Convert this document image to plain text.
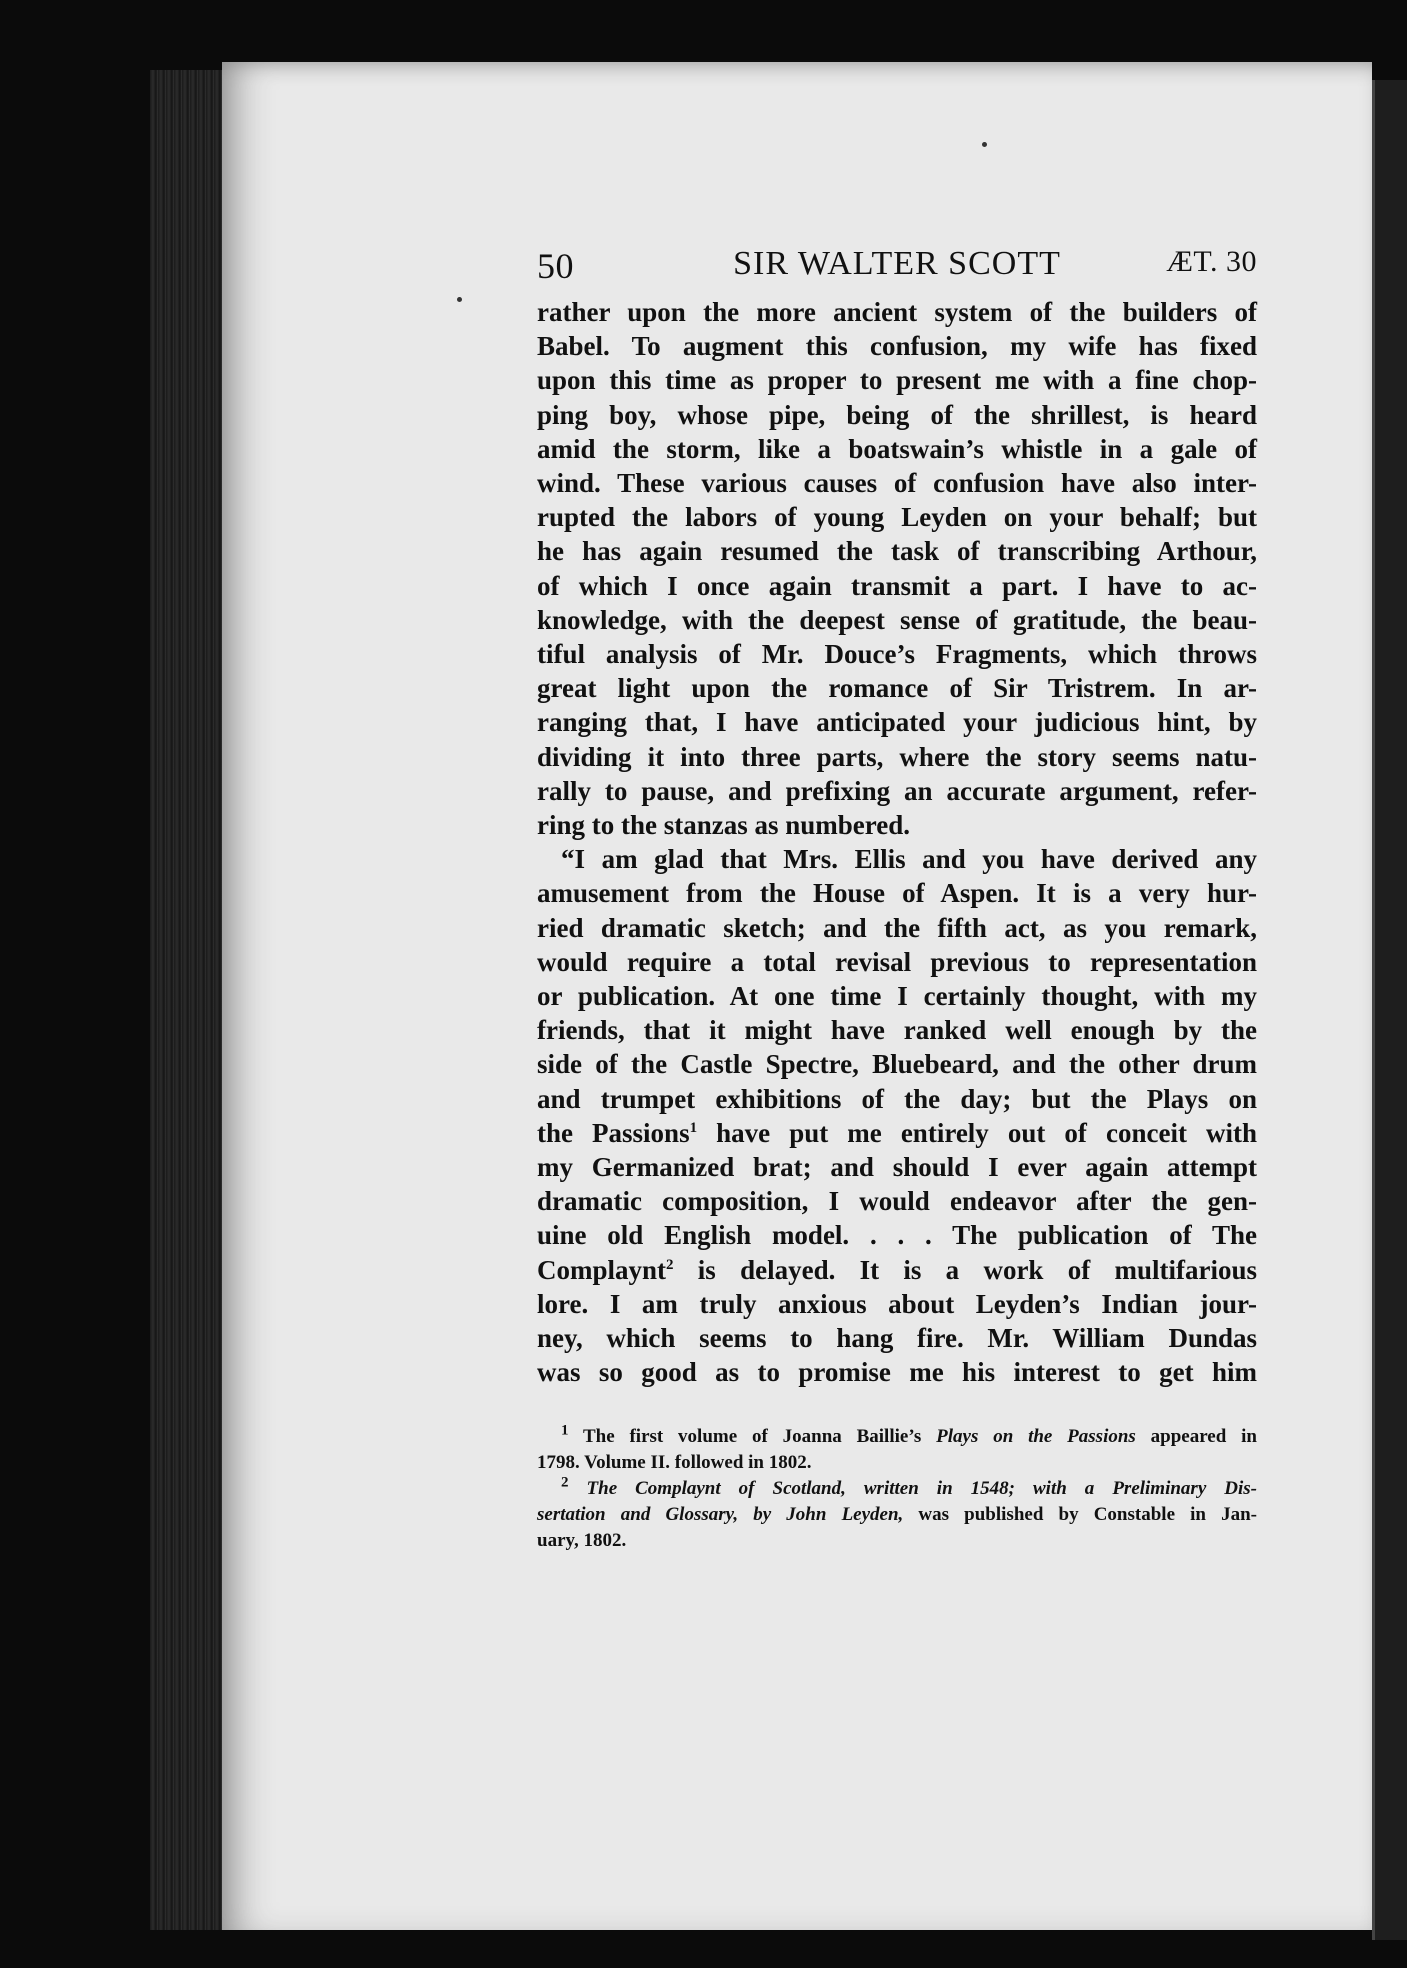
50	SIR WALTER SCOTT	ÆT. 30

rather upon the more ancient system of the builders of
Babel. To augment this confusion, my wife has fixed
upon this time as proper to present me with a fine chop-
ping boy, whose pipe, being of the shrillest, is heard
amid the storm, like a boatswain’s whistle in a gale of
wind. These various causes of confusion have also inter-
rupted the labors of young Leyden on your behalf; but
he has again resumed the task of transcribing Arthour,
of which I once again transmit a part. I have to ac-
knowledge, with the deepest sense of gratitude, the beau-
tiful analysis of Mr. Douce’s Fragments, which throws
great light upon the romance of Sir Tristrem. In ar-
ranging that, I have anticipated your judicious hint, by
dividing it into three parts, where the story seems natu-
rally to pause, and prefixing an accurate argument, refer-
ring to the stanzas as numbered.
“I am glad that Mrs. Ellis and you have derived any
amusement from the House of Aspen. It is a very hur-
ried dramatic sketch; and the fifth act, as you remark,
would require a total revisal previous to representation
or publication. At one time I certainly thought, with my
friends, that it might have ranked well enough by the
side of the Castle Spectre, Bluebeard, and the other drum
and trumpet exhibitions of the day; but the Plays on
the Passions$^1$ have put me entirely out of conceit with
my Germanized brat; and should I ever again attempt
dramatic composition, I would endeavor after the gen-
uine old English model. . . . The publication of The
Complaynt$^2$ is delayed. It is a work of multifarious
lore. I am truly anxious about Leyden’s Indian jour-
ney, which seems to hang fire. Mr. William Dundas
was so good as to promise me his interest to get him

$^1$ The first volume of Joanna Baillie’s Plays on the Passions appeared in
1798. Volume II. followed in 1802.
$^2$ The Complaynt of Scotland, written in 1548; with a Preliminary Dis-
sertation and Glossary, by John Leyden, was published by Constable in Jan-
uary, 1802.
